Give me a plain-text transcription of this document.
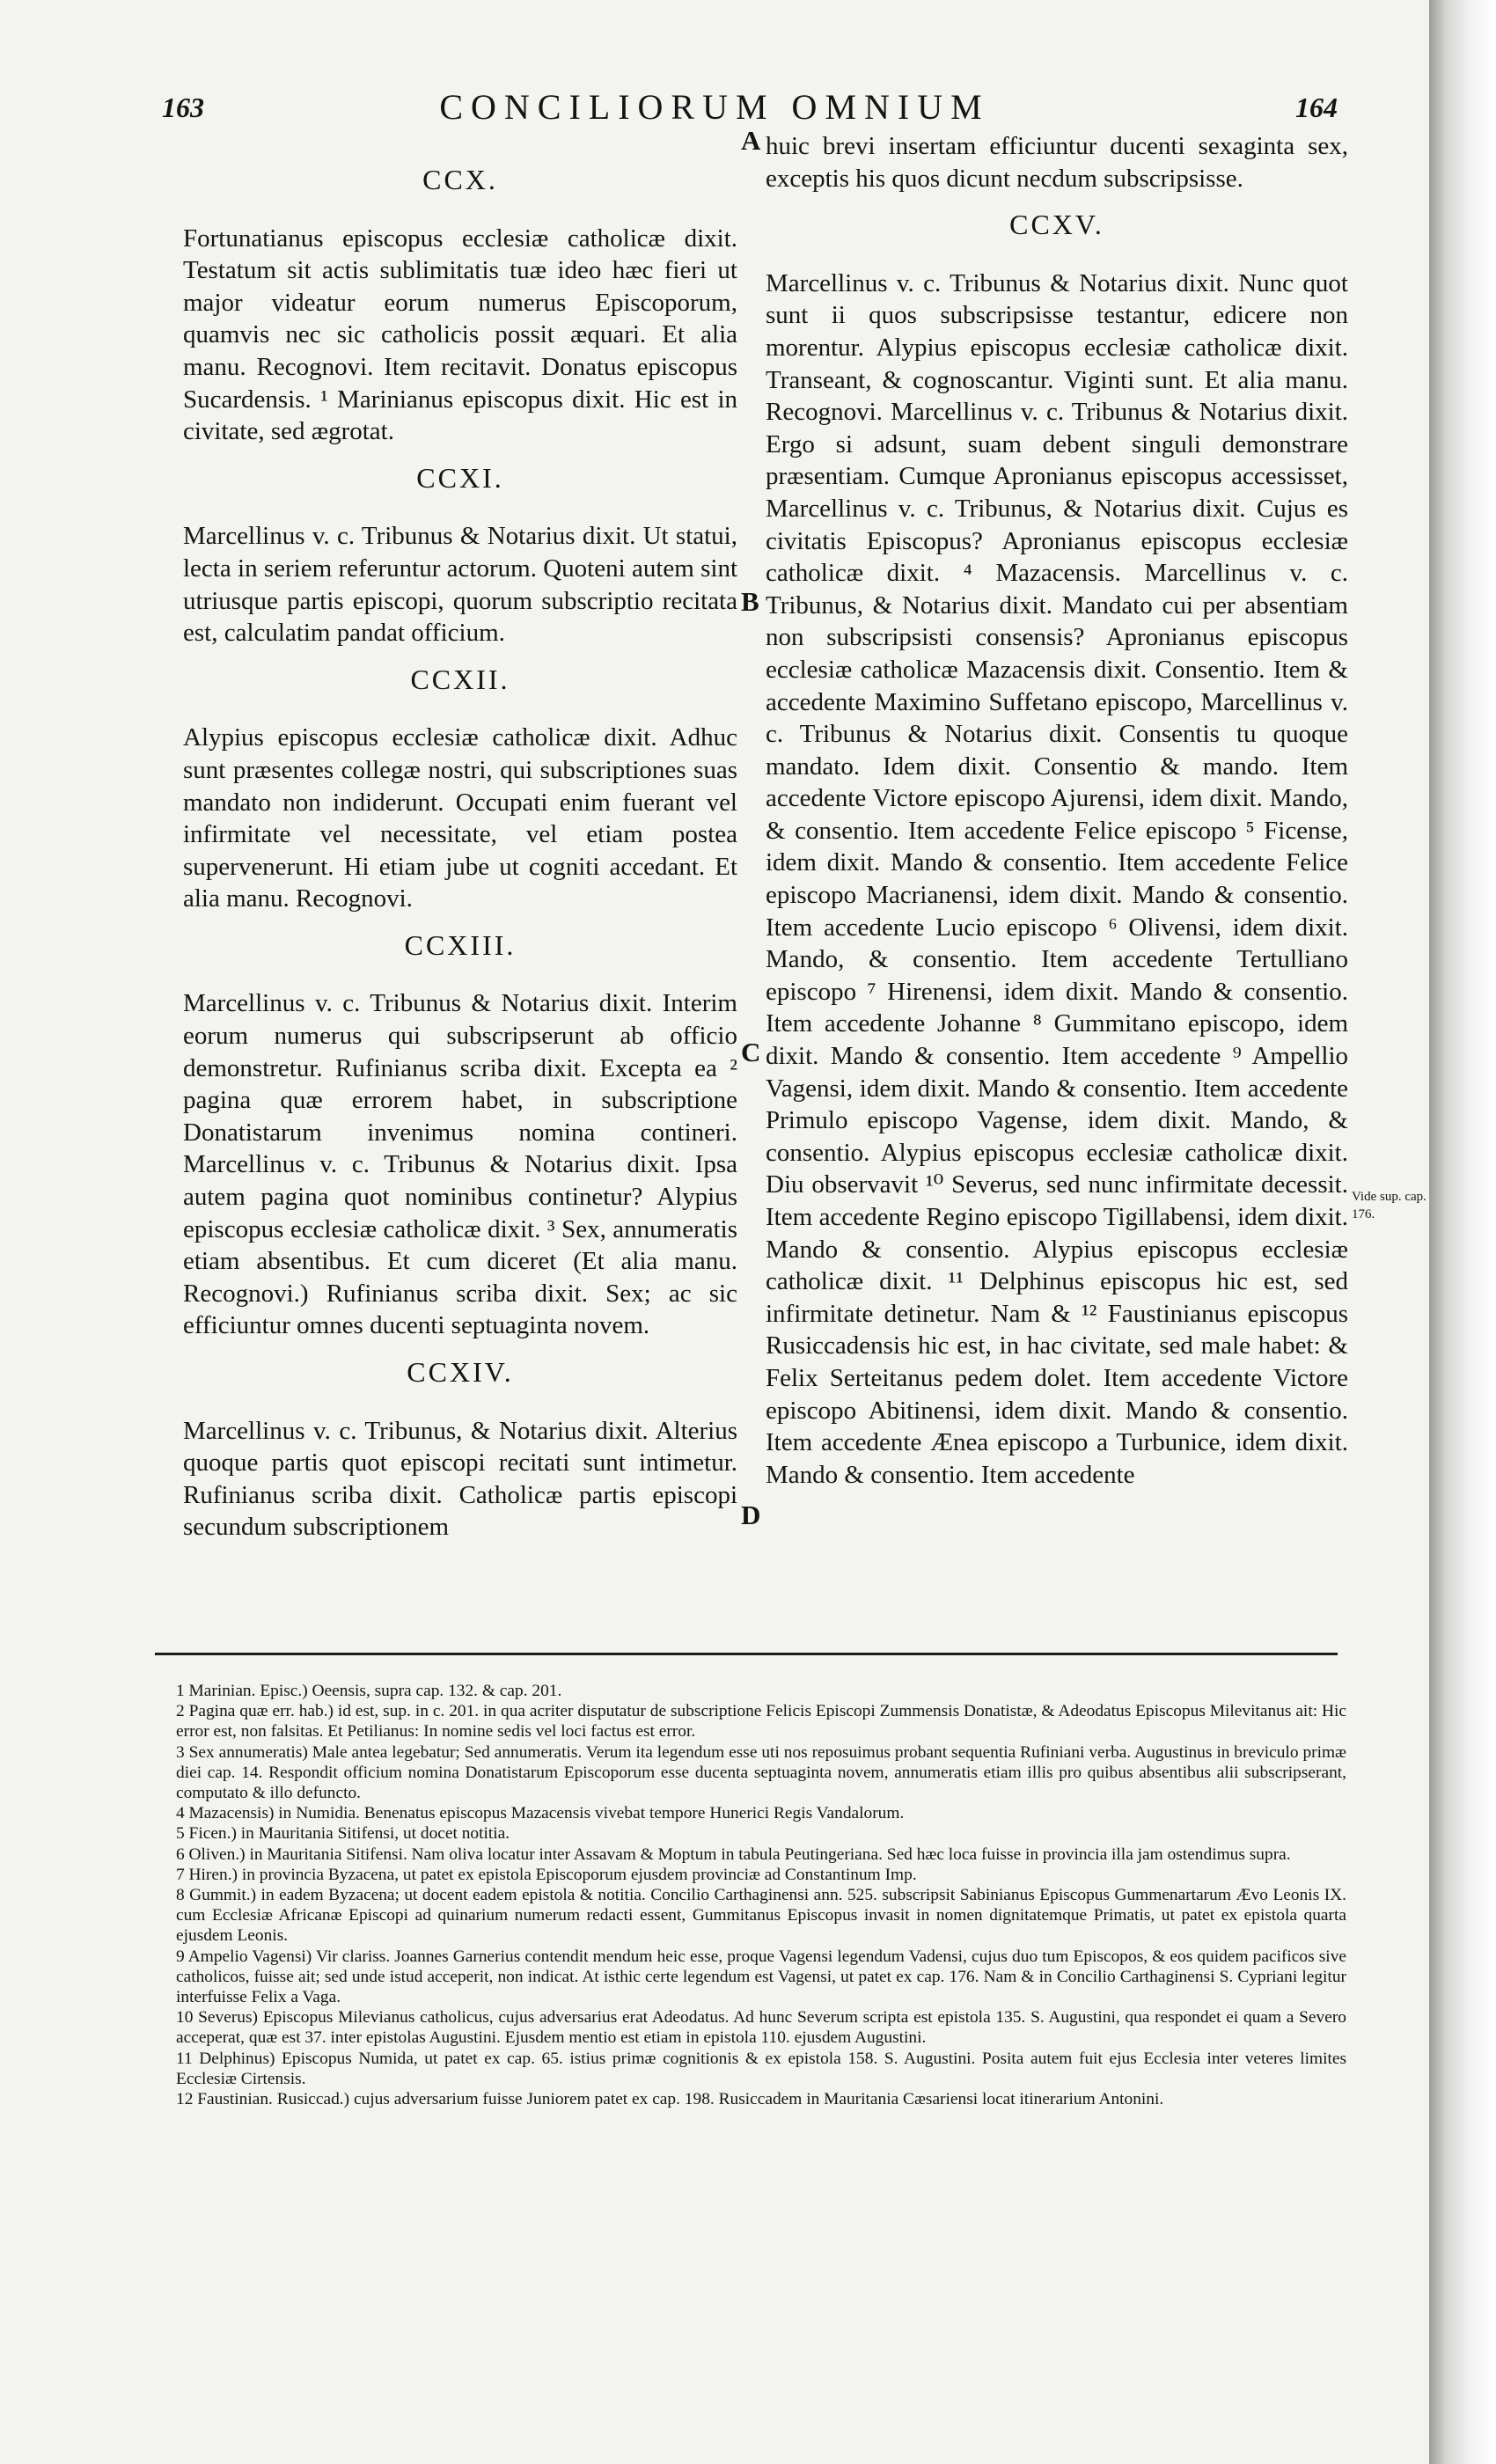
163	CONCILIORUM OMNIUM	164
A
B
C
D
CCX.

Fortunatianus episcopus ecclesiæ catholicæ dixit. Testatum sit actis sublimitatis tuæ ideo hæc fieri ut major videatur eorum numerus Episcoporum, quamvis nec sic catholicis possit æquari. Et alia manu. Recognovi. Item recitavit. Donatus episcopus Sucardensis. ¹ Marinianus episcopus dixit. Hic est in civitate, sed ægrotat.

CCXI.

Marcellinus v. c. Tribunus & Notarius dixit. Ut statui, lecta in seriem referuntur actorum. Quoteni autem sint utriusque partis episcopi, quorum subscriptio recitata est, calculatim pandat officium.

CCXII.

Alypius episcopus ecclesiæ catholicæ dixit. Adhuc sunt præsentes collegæ nostri, qui subscriptiones suas mandato non indiderunt. Occupati enim fuerant vel infirmitate vel necessitate, vel etiam postea supervenerunt. Hi etiam jube ut cogniti accedant. Et alia manu. Recognovi.

CCXIII.

Marcellinus v. c. Tribunus & Notarius dixit. Interim eorum numerus qui subscripserunt ab officio demonstretur. Rufinianus scriba dixit. Excepta ea ² pagina quæ errorem habet, in subscriptione Donatistarum invenimus nomina contineri. Marcellinus v. c. Tribunus & Notarius dixit. Ipsa autem pagina quot nominibus continetur? Alypius episcopus ecclesiæ catholicæ dixit. ³ Sex, annumeratis etiam absentibus. Et cum diceret (Et alia manu. Recognovi.) Rufinianus scriba dixit. Sex; ac sic efficiuntur omnes ducenti septuaginta novem.

CCXIV.

Marcellinus v. c. Tribunus, & Notarius dixit. Alterius quoque partis quot episcopi recitati sunt intimetur. Rufinianus scriba dixit. Catholicæ partis episcopi secundum subscriptionem

huic brevi insertam efficiuntur ducenti sexaginta sex, exceptis his quos dicunt necdum subscripsisse.

CCXV.

Marcellinus v. c. Tribunus & Notarius dixit. Nunc quot sunt ii quos subscripsisse testantur, edicere non morentur. Alypius episcopus ecclesiæ catholicæ dixit. Transeant, & cognoscantur. Viginti sunt. Et alia manu. Recognovi. Marcellinus v. c. Tribunus & Notarius dixit. Ergo si adsunt, suam debent singuli demonstrare præsentiam. Cumque Apronianus episcopus accessisset, Marcellinus v. c. Tribunus, & Notarius dixit. Cujus es civitatis Episcopus? Apronianus episcopus ecclesiæ catholicæ dixit. ⁴ Mazacensis. Marcellinus v. c. Tribunus, & Notarius dixit. Mandato cui per absentiam non subscripsisti consensis? Apronianus episcopus ecclesiæ catholicæ Mazacensis dixit. Consentio. Item & accedente Maximino Suffetano episcopo, Marcellinus v. c. Tribunus & Notarius dixit. Consentis tu quoque mandato. Idem dixit. Consentio & mando. Item accedente Victore episcopo Ajurensi, idem dixit. Mando, & consentio. Item accedente Felice episcopo ⁵ Ficense, idem dixit. Mando & consentio. Item accedente Felice episcopo Macrianensi, idem dixit. Mando & consentio. Item accedente Lucio episcopo ⁶ Olivensi, idem dixit. Mando, & consentio. Item accedente Tertulliano episcopo ⁷ Hirenensi, idem dixit. Mando & consentio. Item accedente Johanne ⁸ Gummitano episcopo, idem dixit. Mando & consentio. Item accedente ⁹ Ampellio Vagensi, idem dixit. Mando & consentio. Item accedente Primulo episcopo Vagense, idem dixit. Mando, & consentio. Alypius episcopus ecclesiæ catholicæ dixit. Diu observavit ¹⁰ Severus, sed nunc infirmitate decessit. Item accedente Regino episcopo Tigillabensi, idem dixit. Mando & consentio. Alypius episcopus ecclesiæ catholicæ dixit. ¹¹ Delphinus episcopus hic est, sed infirmitate detinetur. Nam & ¹² Faustinianus episcopus Rusiccadensis hic est, in hac civitate, sed male habet: & Felix Serteitanus pedem dolet. Item accedente Victore episcopo Abitinensi, idem dixit. Mando & consentio. Item accedente Ænea episcopo a Turbunice, idem dixit. Mando & consentio. Item accedente

Vide sup. cap. 176.

1 Marinian. Episc.) Oeensis, supra cap. 132. & cap. 201.

2 Pagina quæ err. hab.) id est, sup. in c. 201. in qua acriter disputatur de subscriptione Felicis Episcopi Zummensis Donatistæ, & Adeodatus Episcopus Milevitanus ait: Hic error est, non falsitas. Et Petilianus: In nomine sedis vel loci factus est error.

3 Sex annumeratis) Male antea legebatur; Sed annumeratis. Verum ita legendum esse uti nos reposuimus probant sequentia Rufiniani verba. Augustinus in breviculo primæ diei cap. 14. Respondit officium nomina Donatistarum Episcoporum esse ducenta septuaginta novem, annumeratis etiam illis pro quibus absentibus alii subscripserant, computato & illo defuncto.

4 Mazacensis) in Numidia. Benenatus episcopus Mazacensis vivebat tempore Hunerici Regis Vandalorum.

5 Ficen.) in Mauritania Sitifensi, ut docet notitia.

6 Oliven.) in Mauritania Sitifensi. Nam oliva locatur inter Assavam & Moptum in tabula Peutingeriana. Sed hæc loca fuisse in provincia illa jam ostendimus supra.

7 Hiren.) in provincia Byzacena, ut patet ex epistola Episcoporum ejusdem provinciæ ad Constantinum Imp.

8 Gummit.) in eadem Byzacena; ut docent eadem epistola & notitia. Concilio Carthaginensi ann. 525. subscripsit Sabinianus Episcopus Gummenartarum Ævo Leonis IX. cum Ecclesiæ Africanæ Episcopi ad quinarium numerum redacti essent, Gummitanus Episcopus invasit in nomen dignitatemque Primatis, ut patet ex epistola quarta ejusdem Leonis.

9 Ampelio Vagensi) Vir clariss. Joannes Garnerius contendit mendum heic esse, proque Vagensi legendum Vadensi, cujus duo tum Episcopos, & eos quidem pacificos sive catholicos, fuisse ait; sed unde istud acceperit, non indicat. At isthic certe legendum est Vagensi, ut patet ex cap. 176. Nam & in Concilio Carthaginensi S. Cypriani legitur interfuisse Felix a Vaga.

10 Severus) Episcopus Milevianus catholicus, cujus adversarius erat Adeodatus. Ad hunc Severum scripta est epistola 135. S. Augustini, qua respondet ei quam a Severo acceperat, quæ est 37. inter epistolas Augustini. Ejusdem mentio est etiam in epistola 110. ejusdem Augustini.

11 Delphinus) Episcopus Numida, ut patet ex cap. 65. istius primæ cognitionis & ex epistola 158. S. Augustini. Posita autem fuit ejus Ecclesia inter veteres limites Ecclesiæ Cirtensis.

12 Faustinian. Rusiccad.) cujus adversarium fuisse Juniorem patet ex cap. 198. Rusiccadem in Mauritania Cæsariensi locat itinerarium Antonini.
